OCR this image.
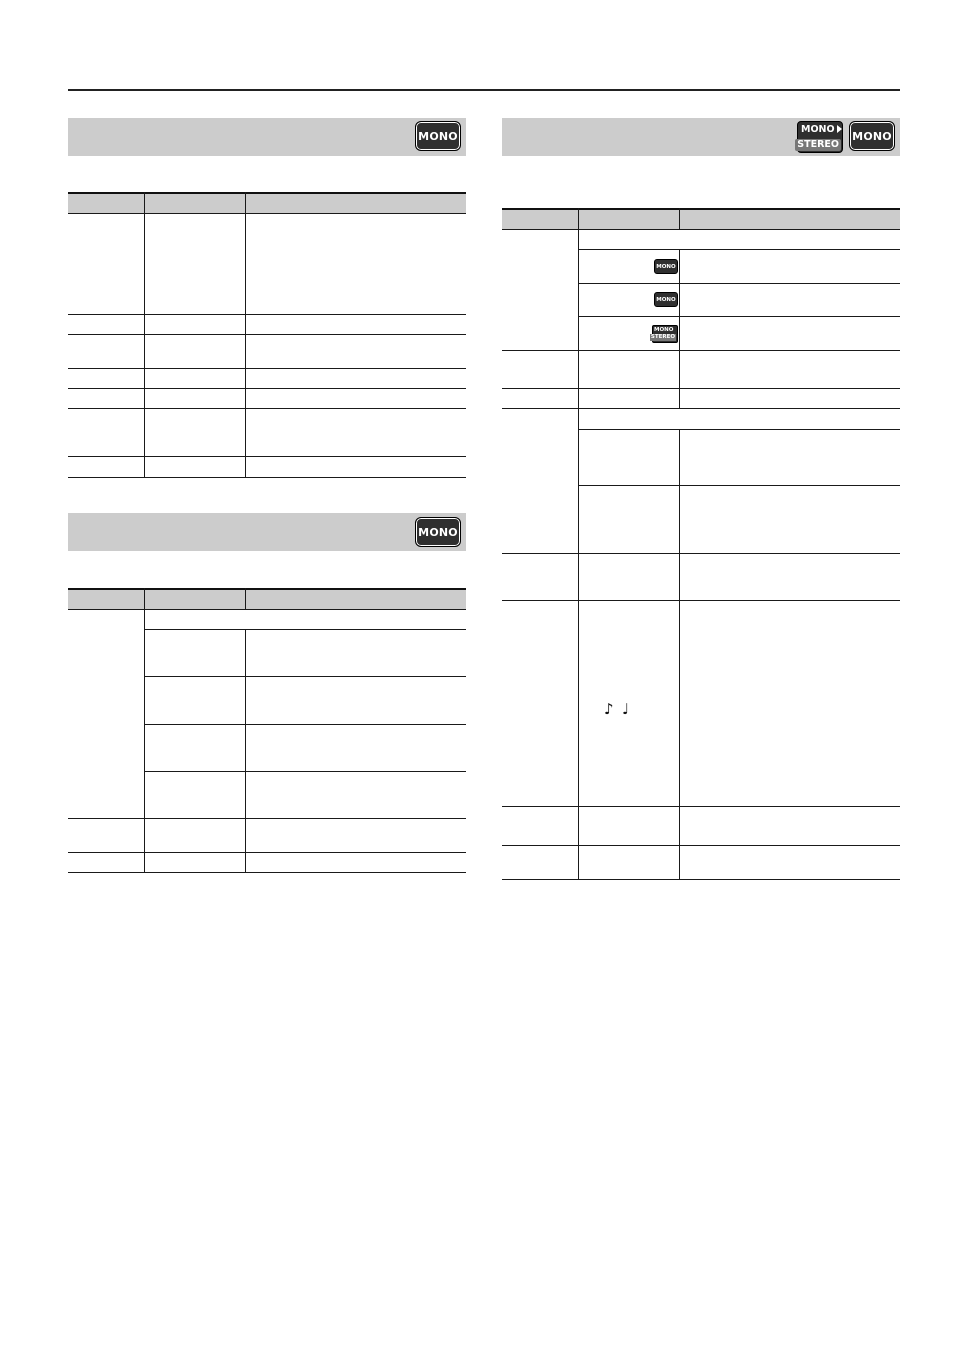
MONO
MONO
MONO
STEREO
MONO
MONO
MONO
MONO
STEREO
♪ ♩
